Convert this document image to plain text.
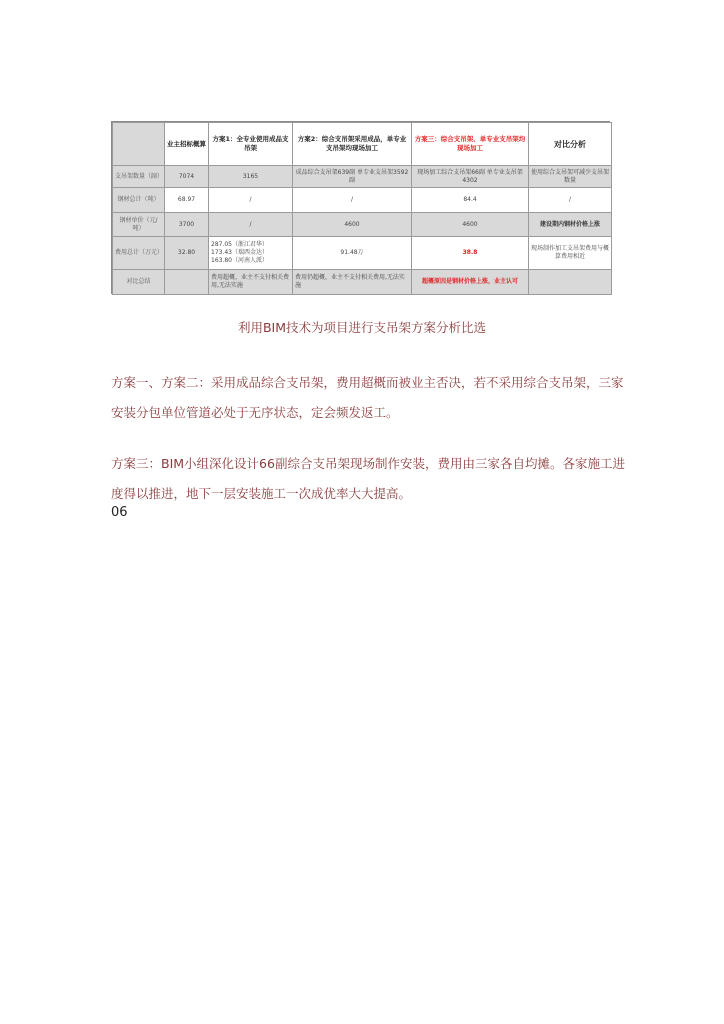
	业主招标概算	方案1：全专业使用成品支吊架	方案2：综合支吊架采用成品，单专业支吊架均现场加工	方案三：综合支吊架、单专业支吊架均现场加工	对比分析
支吊架数量（副）	7074	3165	成品综合支吊架639副 单专业支吊架3592副	现场加工综合支吊架66副 单专业支吊架4302	使用综合支吊架可减少支吊架数量
钢材总计（吨）	68.97	/	/	84.4	/
钢材单价（元/吨）	3700	/	4600	4600	建设期内钢材价格上涨
费用总计（万元）	32.80	287.05（浙江君华） 173.43（瑞西金达） 163.80（河南人派）	91.48万	38.8	现场制作加工支吊架费用与概算费用相近
对比总结		费用超概，业主不支付相关费用,无法实施	费用仍超概，业主不支付相关费用,无法实施	超概原因是钢材价格上涨，业主认可	
利用BIM技术为项目进行支吊架方案分析比选

方案一、方案二：采用成品综合支吊架，费用超概而被业主否决，若不采用综合支吊架，三家安装分包单位管道必处于无序状态，定会频发返工。

方案三：BIM小组深化设计66副综合支吊架现场制作安装，费用由三家各自均摊。各家施工进度得以推进，地下一层安装施工一次成优率大大提高。

06
